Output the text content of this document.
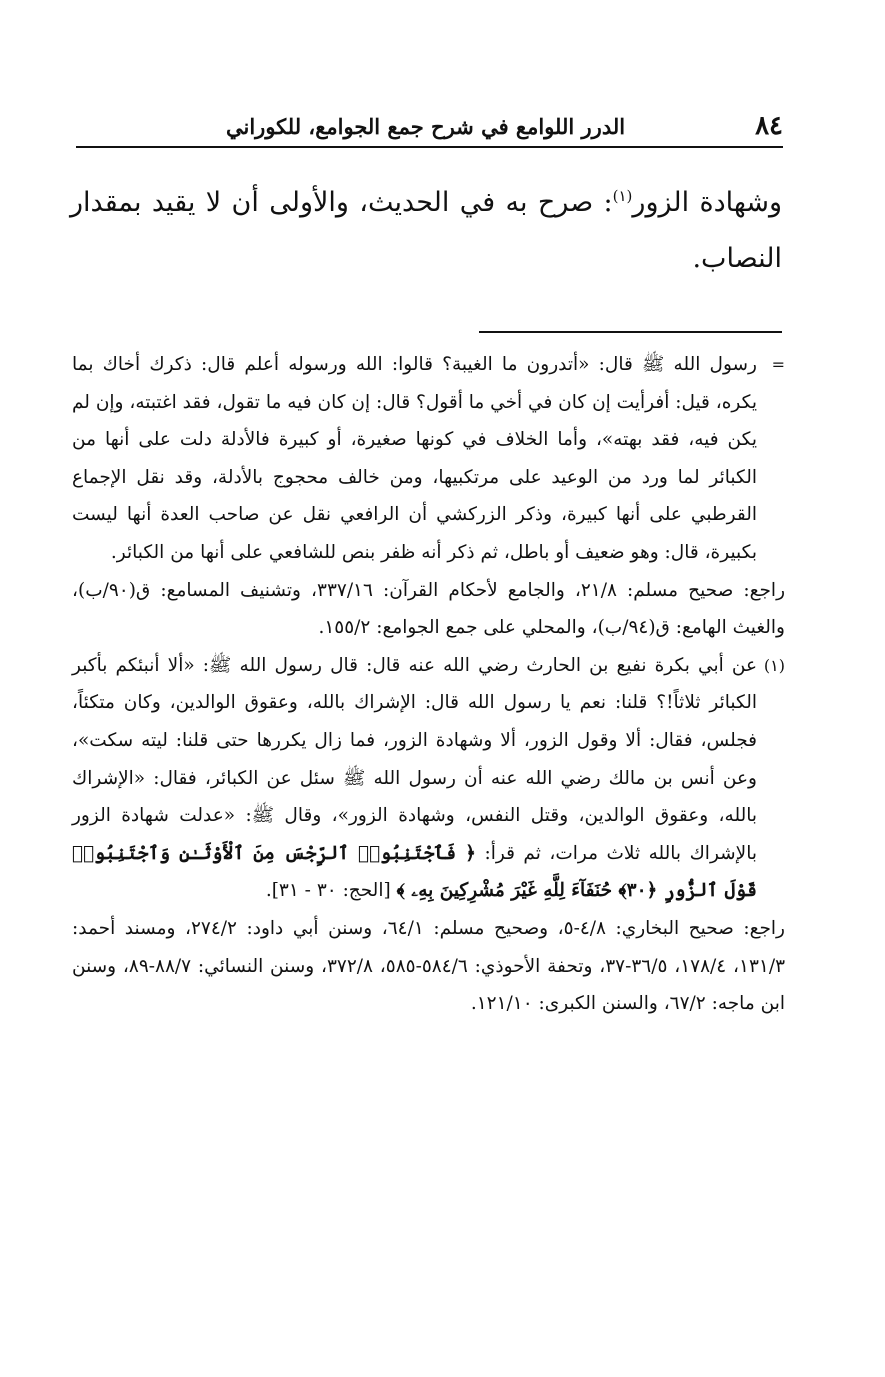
٨٤
الدرر اللوامع في شرح جمع الجوامع، للكوراني

وشهادة الزور$^{(١)}$: صرح به في الحديث، والأولى أن لا يقيد بمقدار النصاب.

=
رسول الله ﷺ قال: «أتدرون ما الغيبة؟ قالوا: الله ورسوله أعلم قال: ذكرك أخاك بما يكره، قيل: أفرأيت إن كان في أخي ما أقول؟ قال: إن كان فيه ما تقول، فقد اغتبته، وإن لم يكن فيه، فقد بهته»، وأما الخلاف في كونها صغيرة، أو كبيرة فالأدلة دلت على أنها من الكبائر لما ورد من الوعيد على مرتكبيها، ومن خالف محجوج بالأدلة، وقد نقل الإجماع القرطبي على أنها كبيرة، وذكر الزركشي أن الرافعي نقل عن صاحب العدة أنها ليست بكبيرة، قال: وهو ضعيف أو باطل، ثم ذكر أنه ظفر بنص للشافعي على أنها من الكبائر.

راجع: صحيح مسلم: ٢١/٨، والجامع لأحكام القرآن: ٣٣٧/١٦، وتشنيف المسامع: ق(٩٠/ب)، والغيث الهامع: ق(٩٤/ب)، والمحلي على جمع الجوامع: ١٥٥/٢.

(١)
عن أبي بكرة نفيع بن الحارث رضي الله عنه قال: قال رسول الله ﷺ: «ألا أنبئكم بأكبر الكبائر ثلاثاً!؟ قلنا: نعم يا رسول الله قال: الإشراك بالله، وعقوق الوالدين، وكان متكئاً، فجلس، فقال: ألا وقول الزور، ألا وشهادة الزور، فما زال يكررها حتى قلنا: ليته سكت»، وعن أنس بن مالك رضي الله عنه أن رسول الله ﷺ سئل عن الكبائر، فقال: «الإشراك بالله، وعقوق الوالدين، وقتل النفس، وشهادة الزور»، وقال ﷺ: «عدلت شهادة الزور بالإشراك بالله ثلاث مرات، ثم قرأ: ﴿ فَٱجْتَنِبُوا۟ ٱلرِّجْسَ مِنَ ٱلْأَوْثَـٰنِ وَٱجْتَنِبُوا۟ قَوْلَ ٱلزُّورِ ﴿٣٠﴾ حُنَفَآءَ لِلَّهِ غَيْرَ مُشْرِكِينَ بِهِۦ ﴾ [الحج: ٣٠ - ٣١].

راجع: صحيح البخاري: ٤/٨-٥، وصحيح مسلم: ٦٤/١، وسنن أبي داود: ٢٧٤/٢، ومسند أحمد: ١٣١/٣، ١٧٨/٤، ٣٦/٥-٣٧، وتحفة الأحوذي: ٥٨٤/٦-٥٨٥، ٣٧٢/٨، وسنن النسائي: ٨٨/٧-٨٩، وسنن ابن ماجه: ٦٧/٢، والسنن الكبرى: ١٢١/١٠.
